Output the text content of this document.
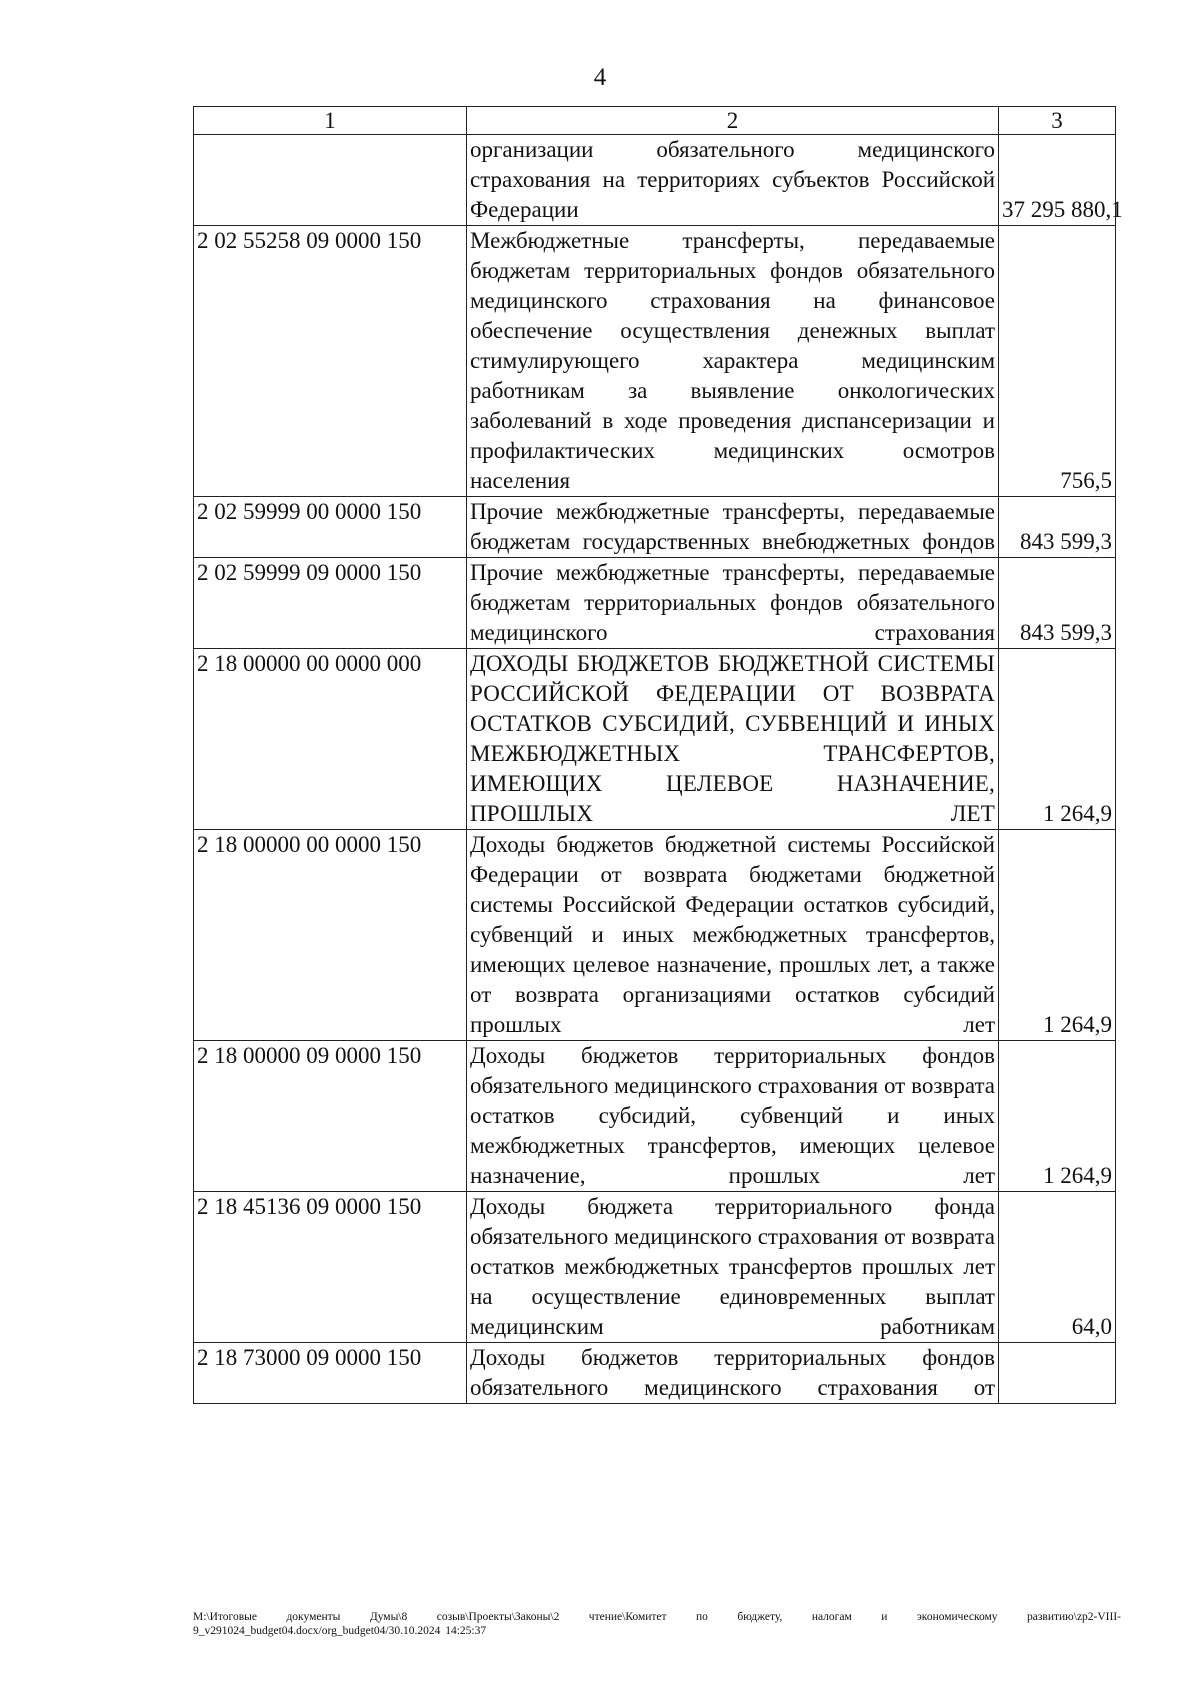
4
1	2	3
	организации обязательного медицинского страхования на территориях субъектов Российской Федерации	37 295 880,1
2 02 55258 09 0000 150	Межбюджетные трансферты, передаваемые бюджетам территориальных фондов обязательного медицинского страхования на финансовое обеспечение осуществления денежных выплат стимулирующего характера медицинским работникам за выявление онкологических заболеваний в ходе проведения диспансеризации и профилактических медицинских осмотров населения	756,5
2 02 59999 00 0000 150	Прочие межбюджетные трансферты, передаваемые бюджетам государственных внебюджетных фондов	843 599,3
2 02 59999 09 0000 150	Прочие межбюджетные трансферты, передаваемые бюджетам территориальных фондов обязательного медицинского страхования	843 599,3
2 18 00000 00 0000 000	ДОХОДЫ БЮДЖЕТОВ БЮДЖЕТНОЙ СИСТЕМЫ РОССИЙСКОЙ ФЕДЕРАЦИИ ОТ ВОЗВРАТА ОСТАТКОВ СУБСИДИЙ, СУБВЕНЦИЙ И ИНЫХ МЕЖБЮДЖЕТНЫХ ТРАНСФЕРТОВ, ИМЕЮЩИХ ЦЕЛЕВОЕ НАЗНАЧЕНИЕ, ПРОШЛЫХ ЛЕТ	1 264,9
2 18 00000 00 0000 150	Доходы бюджетов бюджетной системы Российской Федерации от возврата бюджетами бюджетной системы Российской Федерации остатков субсидий, субвенций и иных межбюджетных трансфертов, имеющих целевое назначение, прошлых лет, а также от возврата организациями остатков субсидий прошлых лет	1 264,9
2 18 00000 09 0000 150	Доходы бюджетов территориальных фондов обязательного медицинского страхования от возврата остатков субсидий, субвенций и иных межбюджетных трансфертов, имеющих целевое назначение, прошлых лет	1 264,9
2 18 45136 09 0000 150	Доходы бюджета территориального фонда обязательного медицинского страхования от возврата остатков межбюджетных трансфертов прошлых лет на осуществление единовременных выплат медицинским работникам	64,0
2 18 73000 09 0000 150	Доходы бюджетов территориальных фондов обязательного медицинского страхования от	
M:\Итоговые документы Думы\8 созыв\Проекты\Законы\2 чтение\Комитет по бюджету, налогам и экономическому развитию\zp2-VIII-9_v291024_budget04.docx/org_budget04/30.10.2024 14:25:37
